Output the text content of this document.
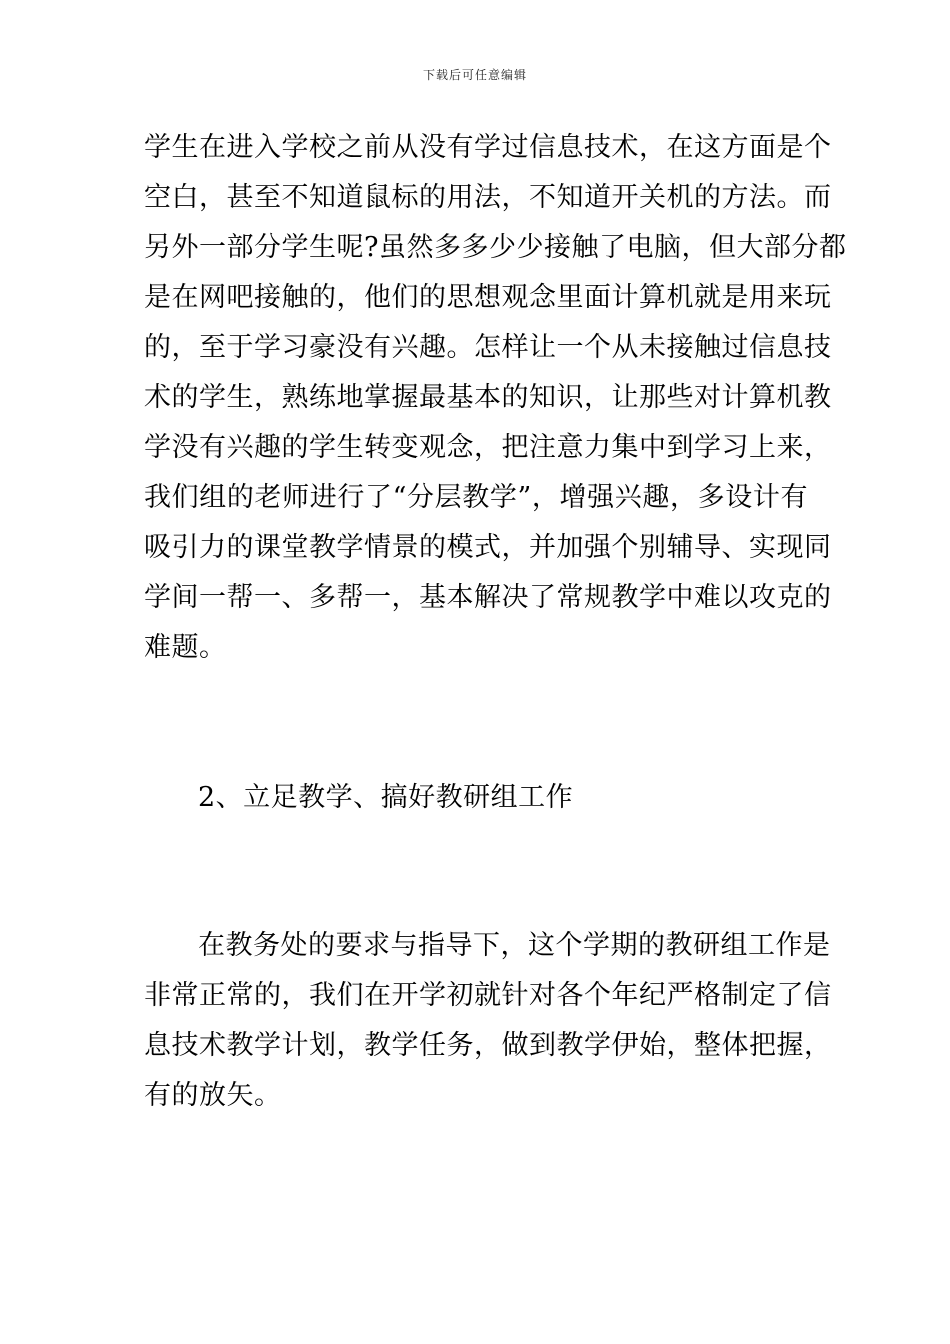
下载后可任意编辑
学生在进入学校之前从没有学过信息技术，在这方面是个
空白，甚至不知道鼠标的用法，不知道开关机的方法。而
另外一部分学生呢?虽然多多少少接触了电脑，但大部分都
是在网吧接触的，他们的思想观念里面计算机就是用来玩
的，至于学习豪没有兴趣。怎样让一个从未接触过信息技
术的学生，熟练地掌握最基本的知识，让那些对计算机教
学没有兴趣的学生转变观念，把注意力集中到学习上来，
我们组的老师进行了“分层教学”，增强兴趣，多设计有
吸引力的课堂教学情景的模式，并加强个别辅导、实现同
学间一帮一、多帮一，基本解决了常规教学中难以攻克的
难题。
2、立足教学、搞好教研组工作
在教务处的要求与指导下，这个学期的教研组工作是
非常正常的，我们在开学初就针对各个年纪严格制定了信
息技术教学计划，教学任务，做到教学伊始，整体把握，
有的放矢。
